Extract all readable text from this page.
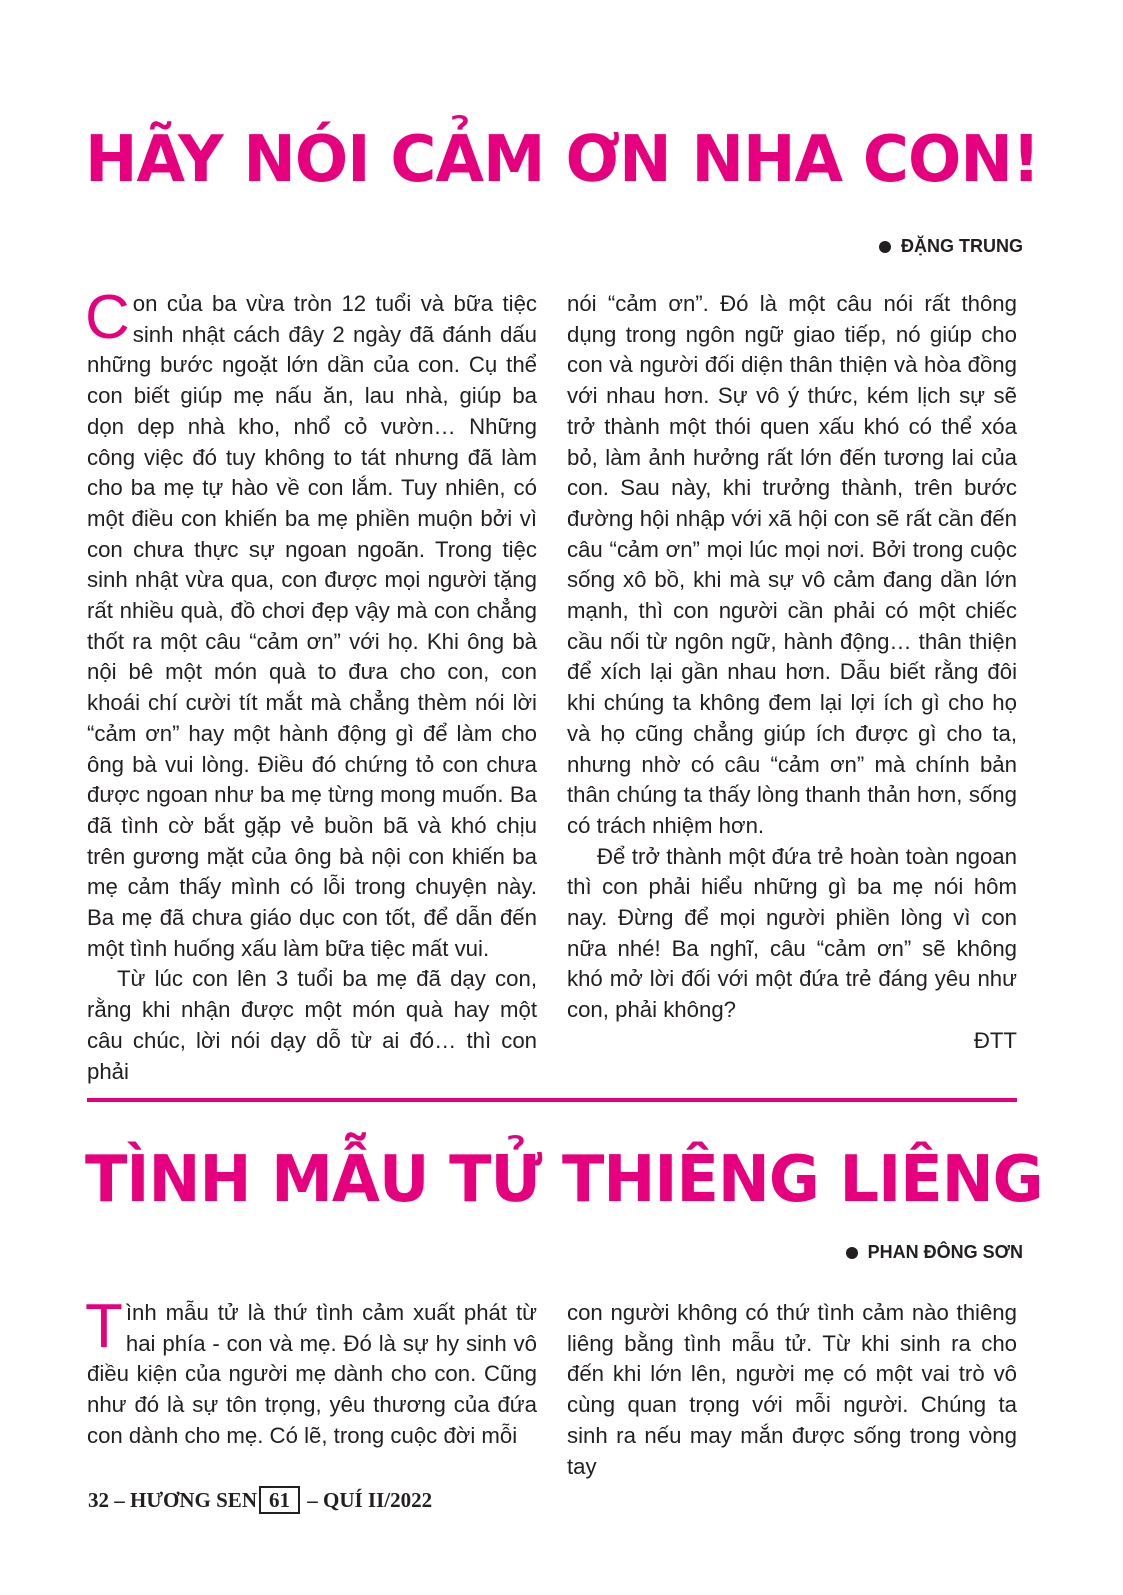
HÃY NÓI CẢM ƠN NHA CON!
ĐẶNG TRUNG

Con của ba vừa tròn 12 tuổi và bữa tiệc sinh nhật cách đây 2 ngày đã đánh dấu những bước ngoặt lớn dần của con. Cụ thể con biết giúp mẹ nấu ăn, lau nhà, giúp ba dọn dẹp nhà kho, nhổ cỏ vườn… Những công việc đó tuy không to tát nhưng đã làm cho ba mẹ tự hào về con lắm. Tuy nhiên, có một điều con khiến ba mẹ phiền muộn bởi vì con chưa thực sự ngoan ngoãn. Trong tiệc sinh nhật vừa qua, con được mọi người tặng rất nhiều quà, đồ chơi đẹp vậy mà con chẳng thốt ra một câu “cảm ơn” với họ. Khi ông bà nội bê một món quà to đưa cho con, con khoái chí cười tít mắt mà chẳng thèm nói lời “cảm ơn” hay một hành động gì để làm cho ông bà vui lòng. Điều đó chứng tỏ con chưa được ngoan như ba mẹ từng mong muốn. Ba đã tình cờ bắt gặp vẻ buồn bã và khó chịu trên gương mặt của ông bà nội con khiến ba mẹ cảm thấy mình có lỗi trong chuyện này. Ba mẹ đã chưa giáo dục con tốt, để dẫn đến một tình huống xấu làm bữa tiệc mất vui.

Từ lúc con lên 3 tuổi ba mẹ đã dạy con, rằng khi nhận được một món quà hay một câu chúc, lời nói dạy dỗ từ ai đó… thì con phải

nói “cảm ơn”. Đó là một câu nói rất thông dụng trong ngôn ngữ giao tiếp, nó giúp cho con và người đối diện thân thiện và hòa đồng với nhau hơn. Sự vô ý thức, kém lịch sự sẽ trở thành một thói quen xấu khó có thể xóa bỏ, làm ảnh hưởng rất lớn đến tương lai của con. Sau này, khi trưởng thành, trên bước đường hội nhập với xã hội con sẽ rất cần đến câu “cảm ơn” mọi lúc mọi nơi. Bởi trong cuộc sống xô bồ, khi mà sự vô cảm đang dần lớn mạnh, thì con người cần phải có một chiếc cầu nối từ ngôn ngữ, hành động… thân thiện để xích lại gần nhau hơn. Dẫu biết rằng đôi khi chúng ta không đem lại lợi ích gì cho họ và họ cũng chẳng giúp ích được gì cho ta, nhưng nhờ có câu “cảm ơn” mà chính bản thân chúng ta thấy lòng thanh thản hơn, sống có trách nhiệm hơn.

Để trở thành một đứa trẻ hoàn toàn ngoan thì con phải hiểu những gì ba mẹ nói hôm nay. Đừng để mọi người phiền lòng vì con nữa nhé! Ba nghĩ, câu “cảm ơn” sẽ không khó mở lời đối với một đứa trẻ đáng yêu như con, phải không?

ĐTT

TÌNH MẪU TỬ THIÊNG LIÊNG
PHAN ĐÔNG SƠN

Tình mẫu tử là thứ tình cảm xuất phát từ hai phía - con và mẹ. Đó là sự hy sinh vô điều kiện của người mẹ dành cho con. Cũng như đó là sự tôn trọng, yêu thương của đứa con dành cho mẹ. Có lẽ, trong cuộc đời mỗi

con người không có thứ tình cảm nào thiêng liêng bằng tình mẫu tử. Từ khi sinh ra cho đến khi lớn lên, người mẹ có một vai trò vô cùng quan trọng với mỗi người. Chúng ta sinh ra nếu may mắn được sống trong vòng tay

32 – HƯƠNG SEN 61 – QUÍ II/2022
